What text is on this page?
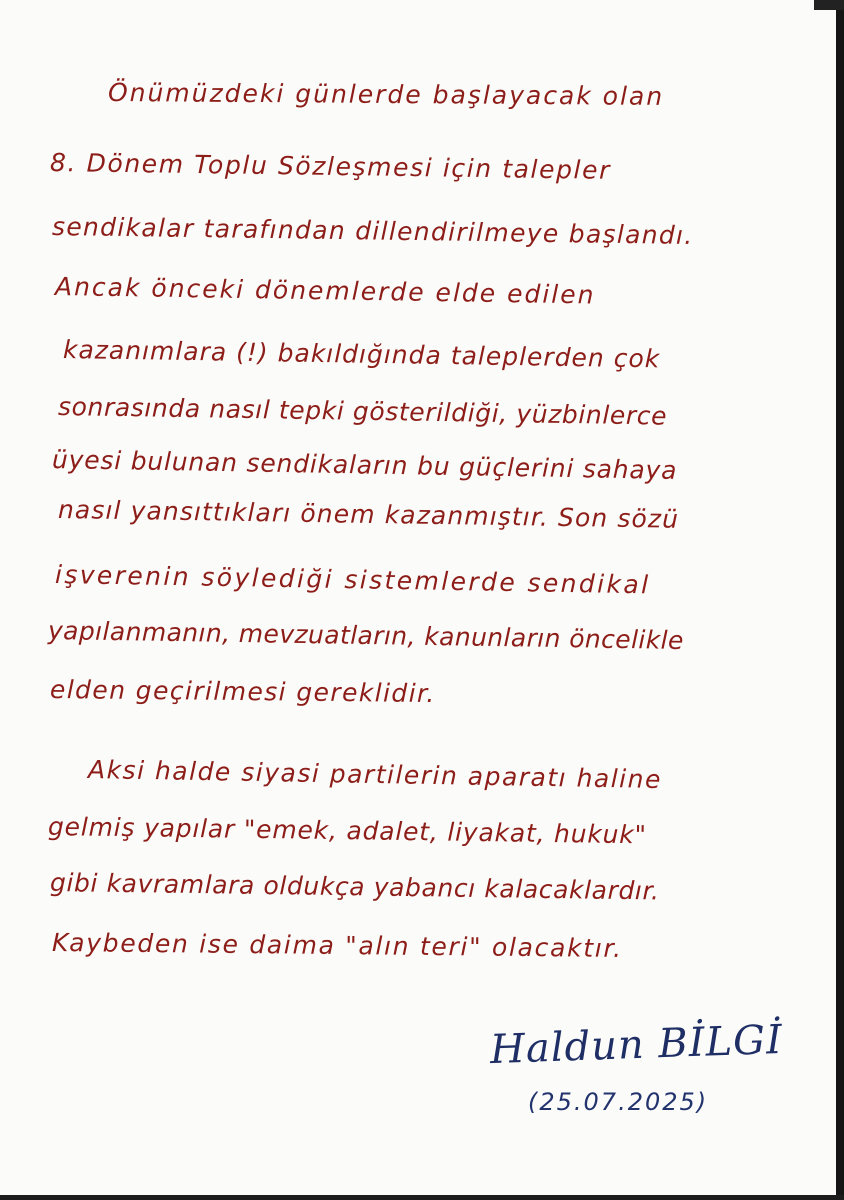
Önümüzdeki günlerde başlayacak olan
8. Dönem Toplu Sözleşmesi için talepler
sendikalar tarafından dillendirilmeye başlandı.
Ancak önceki dönemlerde elde edilen
kazanımlara (!) bakıldığında taleplerden çok
sonrasında nasıl tepki gösterildiği, yüzbinlerce
üyesi bulunan sendikaların bu güçlerini sahaya
nasıl yansıttıkları önem kazanmıştır. Son sözü
işverenin söylediği sistemlerde sendikal
yapılanmanın, mevzuatların, kanunların öncelikle
elden geçirilmesi gereklidir.
Aksi halde siyasi partilerin aparatı haline
gelmiş yapılar "emek, adalet, liyakat, hukuk"
gibi kavramlara oldukça yabancı kalacaklardır.
Kaybeden ise daima "alın teri" olacaktır.
Haldun BİLGİ
(25.07.2025)
